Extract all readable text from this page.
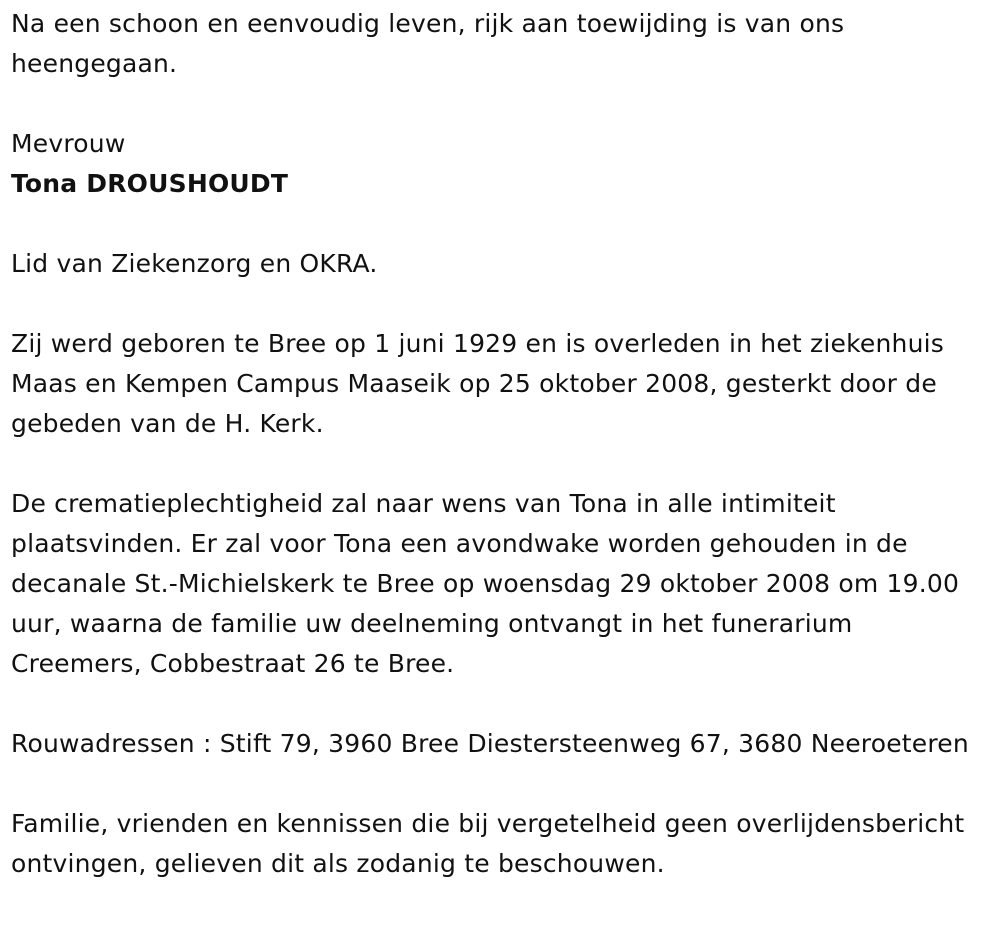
Na een schoon en eenvoudig leven, rijk aan toewijding is van ons heengegaan.

Mevrouw

Tona DROUSHOUDT

Lid van Ziekenzorg en OKRA.

Zij werd geboren te Bree op 1 juni 1929 en is overleden in het ziekenhuis Maas en Kempen Campus Maaseik op 25 oktober 2008, gesterkt door de gebeden van de H. Kerk.

De crematieplechtigheid zal naar wens van Tona in alle intimiteit plaatsvinden. Er zal voor Tona een avondwake worden gehouden in de decanale St.-Michielskerk te Bree op woensdag 29 oktober 2008 om 19.00 uur, waarna de familie uw deelneming ontvangt in het funerarium Creemers, Cobbestraat 26 te Bree.

Rouwadressen : Stift 79, 3960 Bree Diestersteenweg 67, 3680 Neeroeteren

Familie, vrienden en kennissen die bij vergetelheid geen overlijdensbericht ontvingen, gelieven dit als zodanig te beschouwen.
